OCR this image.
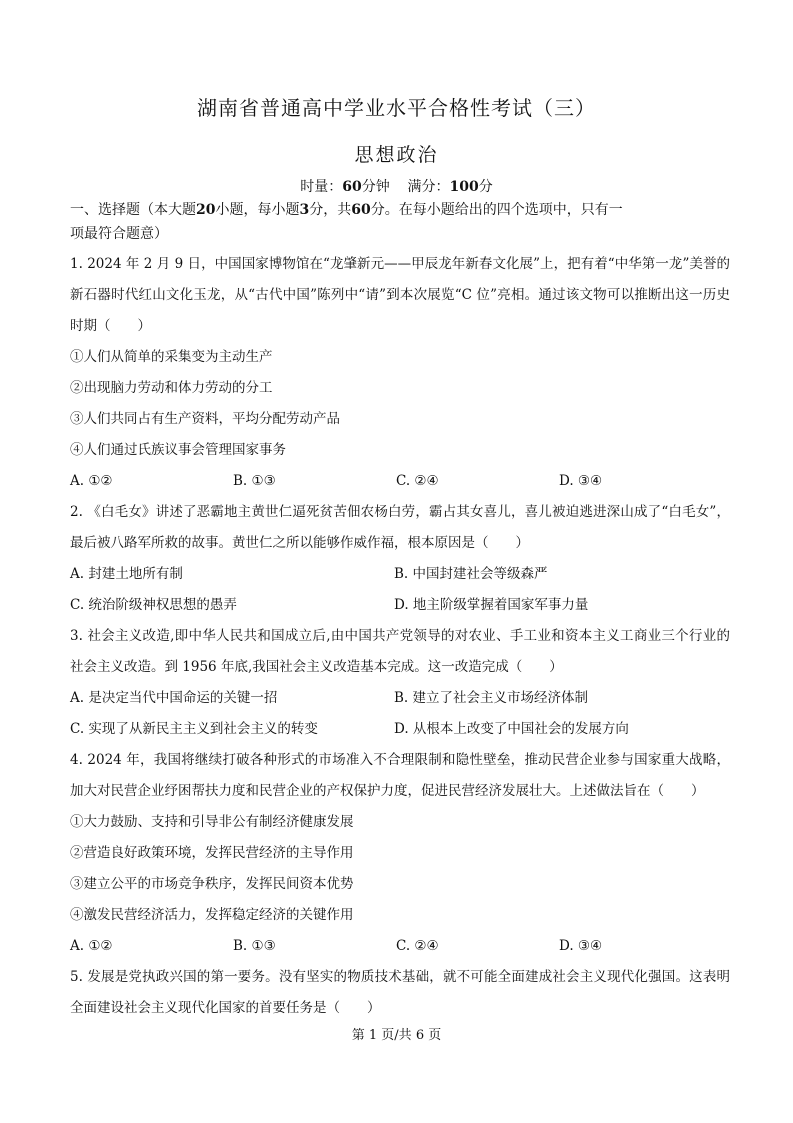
湖南省普通高中学业水平合格性考试（三）
思想政治
时量：60分钟 满分：100分
一、选择题（本大题20小题，每小题3分，共60分。在每小题给出的四个选项中，只有一
项最符合题意）
1. 2024 年 2 月 9 日，中国国家博物馆在“龙肇新元——甲辰龙年新春文化展”上，把有着“中华第一龙”美誉的新石器时代红山文化玉龙，从“古代中国”陈列中“请”到本次展览“C 位”亮相。通过该文物可以推断出这一历史时期（　　）
①人们从简单的采集变为主动生产
②出现脑力劳动和体力劳动的分工
③人们共同占有生产资料，平均分配劳动产品
④人们通过氏族议事会管理国家事务
A. ①②	B. ①③	C. ②④	D. ③④
2. 《白毛女》讲述了恶霸地主黄世仁逼死贫苦佃农杨白劳，霸占其女喜儿，喜儿被迫逃进深山成了“白毛女”，最后被八路军所救的故事。黄世仁之所以能够作威作福，根本原因是（　　）
A. 封建土地所有制	B. 中国封建社会等级森严
C. 统治阶级神权思想的愚弄	D. 地主阶级掌握着国家军事力量
3. 社会主义改造,即中华人民共和国成立后,由中国共产党领导的对农业、手工业和资本主义工商业三个行业的社会主义改造。到 1956 年底,我国社会主义改造基本完成。这一改造完成（　　）
A. 是决定当代中国命运的关键一招	B. 建立了社会主义市场经济体制
C. 实现了从新民主主义到社会主义的转变	D. 从根本上改变了中国社会的发展方向
4. 2024 年，我国将继续打破各种形式的市场准入不合理限制和隐性壁垒，推动民营企业参与国家重大战略，加大对民营企业纾困帮扶力度和民营企业的产权保护力度，促进民营经济发展壮大。上述做法旨在（　　）
①大力鼓励、支持和引导非公有制经济健康发展
②营造良好政策环境，发挥民营经济的主导作用
③建立公平的市场竞争秩序，发挥民间资本优势
④激发民营经济活力，发挥稳定经济的关键作用
A. ①②	B. ①③	C. ②④	D. ③④
5. 发展是党执政兴国的第一要务。没有坚实的物质技术基础，就不可能全面建成社会主义现代化强国。这表明全面建设社会主义现代化国家的首要任务是（　　）
第 1 页/共 6 页
